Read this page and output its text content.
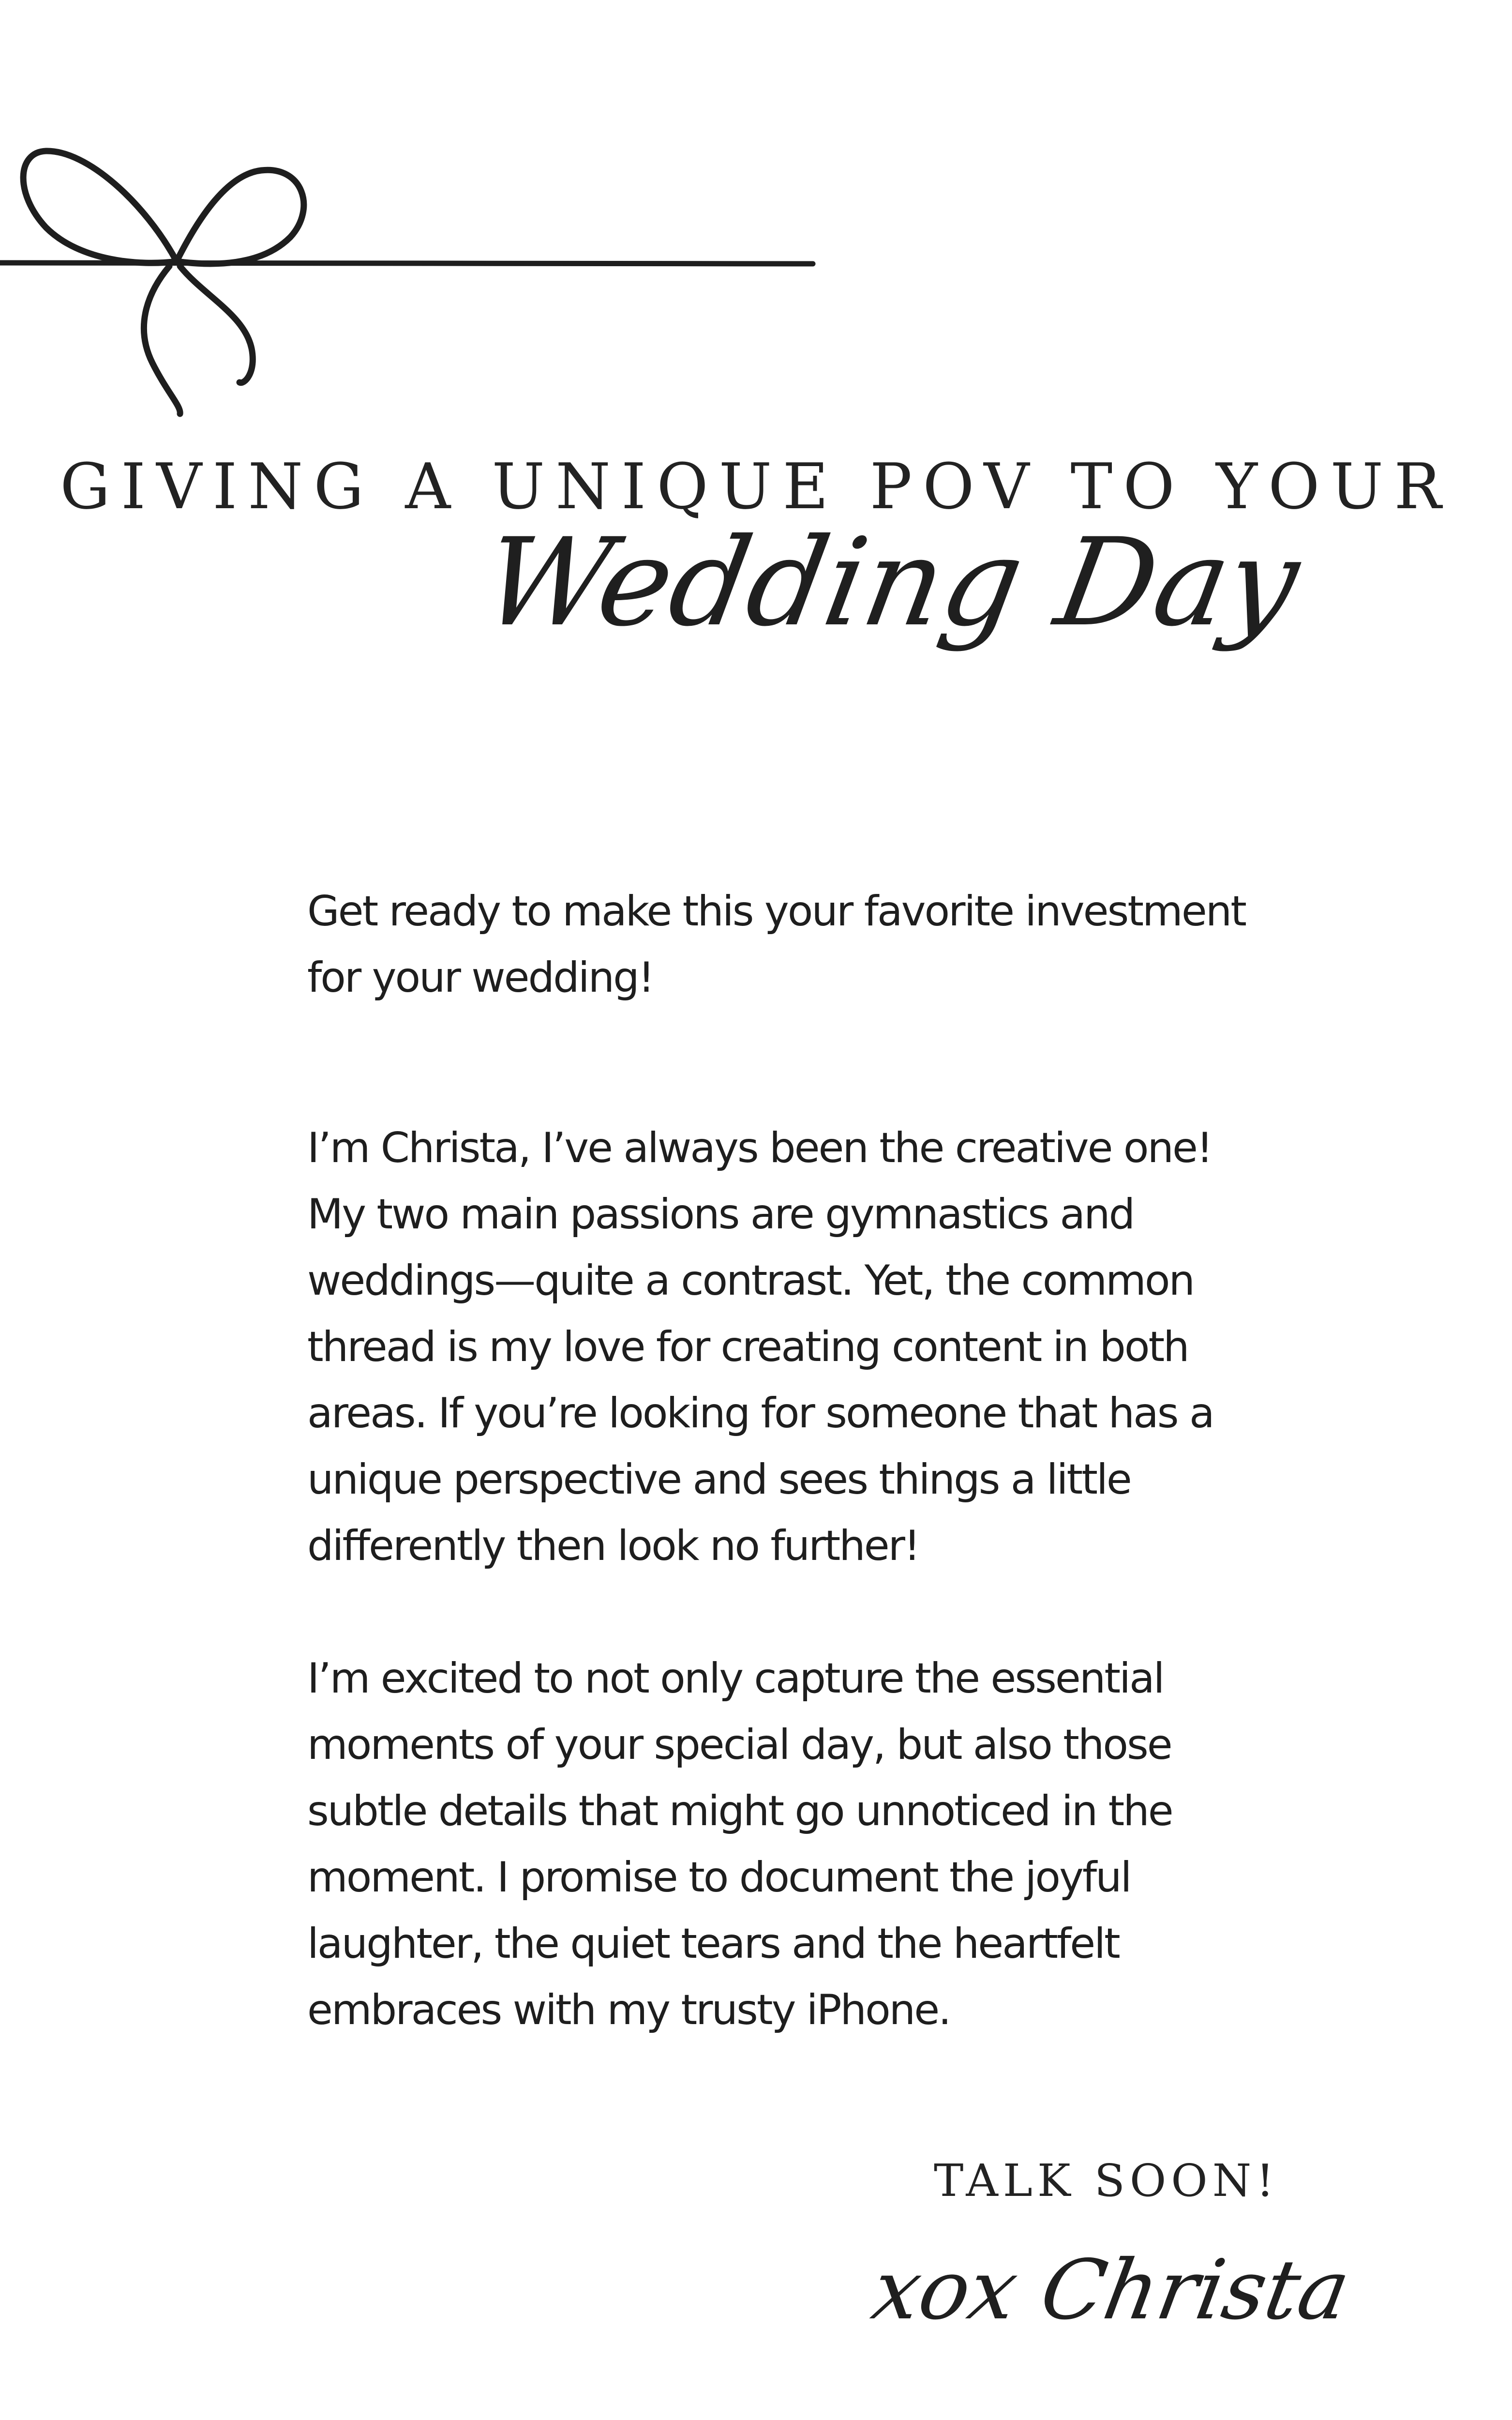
GIVING A UNIQUE POV TO YOUR
Wedding Day

Get ready to make this your favorite investment for your wedding!

I’m Christa, I’ve always been the creative one! My two main passions are gymnastics and weddings—quite a contrast. Yet, the common thread is my love for creating content in both areas. If you’re looking for someone that has a unique perspective and sees things a little differently then look no further!

I’m excited to not only capture the essential moments of your special day, but also those subtle details that might go unnoticed in the moment. I promise to document the joyful laughter, the quiet tears and the heartfelt embraces with my trusty iPhone.

TALK SOON!
xox Christa
